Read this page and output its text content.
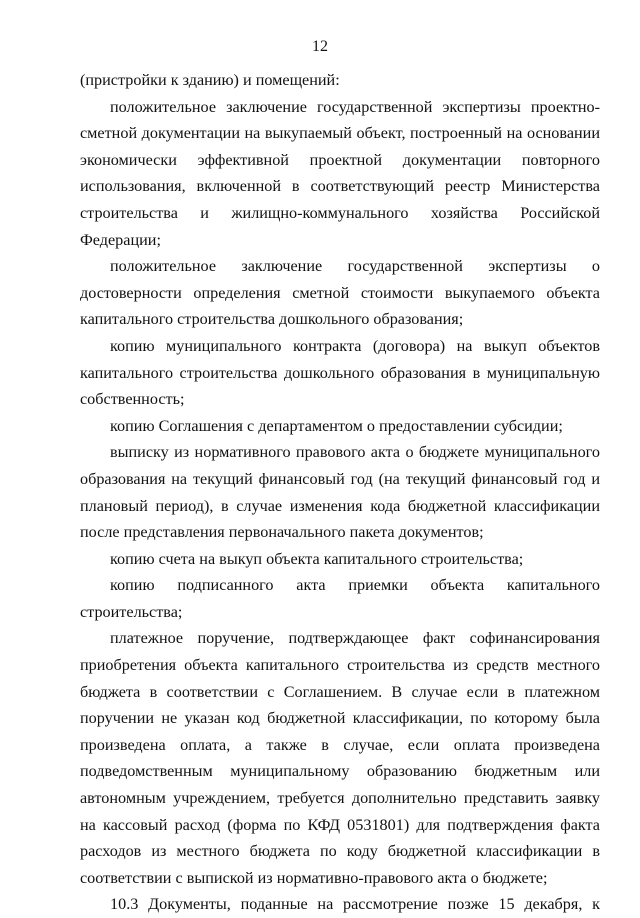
12

(пристройки к зданию) и помещений:

положительное заключение государственной экспертизы проектно-сметной документации на выкупаемый объект, построенный на основании экономически эффективной проектной документации повторного использования, включенной в соответствующий реестр Министерства строительства и жилищно-коммунального хозяйства Российской Федерации;

положительное заключение государственной экспертизы о достоверности определения сметной стоимости выкупаемого объекта капитального строительства дошкольного образования;

копию муниципального контракта (договора) на выкуп объектов капитального строительства дошкольного образования в муниципальную собственность;

копию Соглашения с департаментом о предоставлении субсидии;

выписку из нормативного правового акта о бюджете муниципального образования на текущий финансовый год (на текущий финансовый год и плановый период), в случае изменения кода бюджетной классификации после представления первоначального пакета документов;

копию счета на выкуп объекта капитального строительства;

копию подписанного акта приемки объекта капитального строительства;

платежное поручение, подтверждающее факт софинансирования приобретения объекта капитального строительства из средств местного бюджета в соответствии с Соглашением. В случае если в платежном поручении не указан код бюджетной классификации, по которому была произведена оплата, а также в случае, если оплата произведена подведомственным муниципальному образованию бюджетным или автономным учреждением, требуется дополнительно представить заявку на кассовый расход (форма по КФД 0531801) для подтверждения факта расходов из местного бюджета по коду бюджетной классификации в соответствии с выпиской из нормативно-правового акта о бюджете;

10.3 Документы, поданные на рассмотрение позже 15 декабря, к
